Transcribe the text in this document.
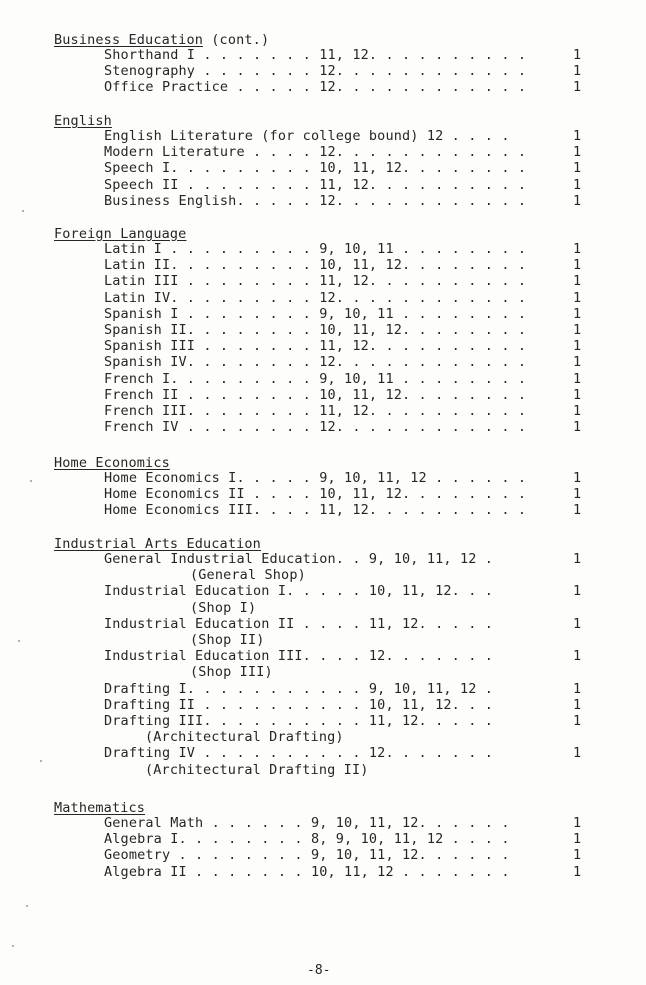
-8-
Business Education (cont.)
Shorthand I . . . . . . . 11, 12. . . . . . . . . .	1
Stenography . . . . . . . 12. . . . . . . . . . . .	1
Office Practice . . . . . 12. . . . . . . . . . . .	1
English
English Literature (for college bound) 12 . . . .	1
Modern Literature . . . . 12. . . . . . . . . . . .	1
Speech I. . . . . . . . . 10, 11, 12. . . . . . . .	1
Speech II . . . . . . . . 11, 12. . . . . . . . . .	1
Business English. . . . . 12. . . . . . . . . . . .	1
Foreign Language
Latin I . . . . . . . . . 9, 10, 11 . . . . . . . .	1
Latin II. . . . . . . . . 10, 11, 12. . . . . . . .	1
Latin III . . . . . . . . 11, 12. . . . . . . . . .	1
Latin IV. . . . . . . . . 12. . . . . . . . . . . .	1
Spanish I . . . . . . . . 9, 10, 11 . . . . . . . .	1
Spanish II. . . . . . . . 10, 11, 12. . . . . . . .	1
Spanish III . . . . . . . 11, 12. . . . . . . . . .	1
Spanish IV. . . . . . . . 12. . . . . . . . . . . .	1
French I. . . . . . . . . 9, 10, 11 . . . . . . . .	1
French II . . . . . . . . 10, 11, 12. . . . . . . .	1
French III. . . . . . . . 11, 12. . . . . . . . . .	1
French IV . . . . . . . . 12. . . . . . . . . . . .	1
Home Economics
Home Economics I. . . . . 9, 10, 11, 12 . . . . . .	1
Home Economics II . . . . 10, 11, 12. . . . . . . .	1
Home Economics III. . . . 11, 12. . . . . . . . . .	1
Industrial Arts Education
General Industrial Education. . 9, 10, 11, 12 .	1
(General Shop)
Industrial Education I. . . . . 10, 11, 12. . .	1
(Shop I)
Industrial Education II . . . . 11, 12. . . . .	1
(Shop II)
Industrial Education III. . . . 12. . . . . . .	1
(Shop III)
Drafting I. . . . . . . . . . . 9, 10, 11, 12 .	1
Drafting II . . . . . . . . . . 10, 11, 12. . .	1
Drafting III. . . . . . . . . . 11, 12. . . . .	1
(Architectural Drafting)
Drafting IV . . . . . . . . . . 12. . . . . . .	1
(Architectural Drafting II)
Mathematics
General Math . . . . . . 9, 10, 11, 12. . . . . .	1
Algebra I. . . . . . . . 8, 9, 10, 11, 12 . . . .	1
Geometry . . . . . . . . 9, 10, 11, 12. . . . . .	1
Algebra II . . . . . . . 10, 11, 12 . . . . . . .	1
